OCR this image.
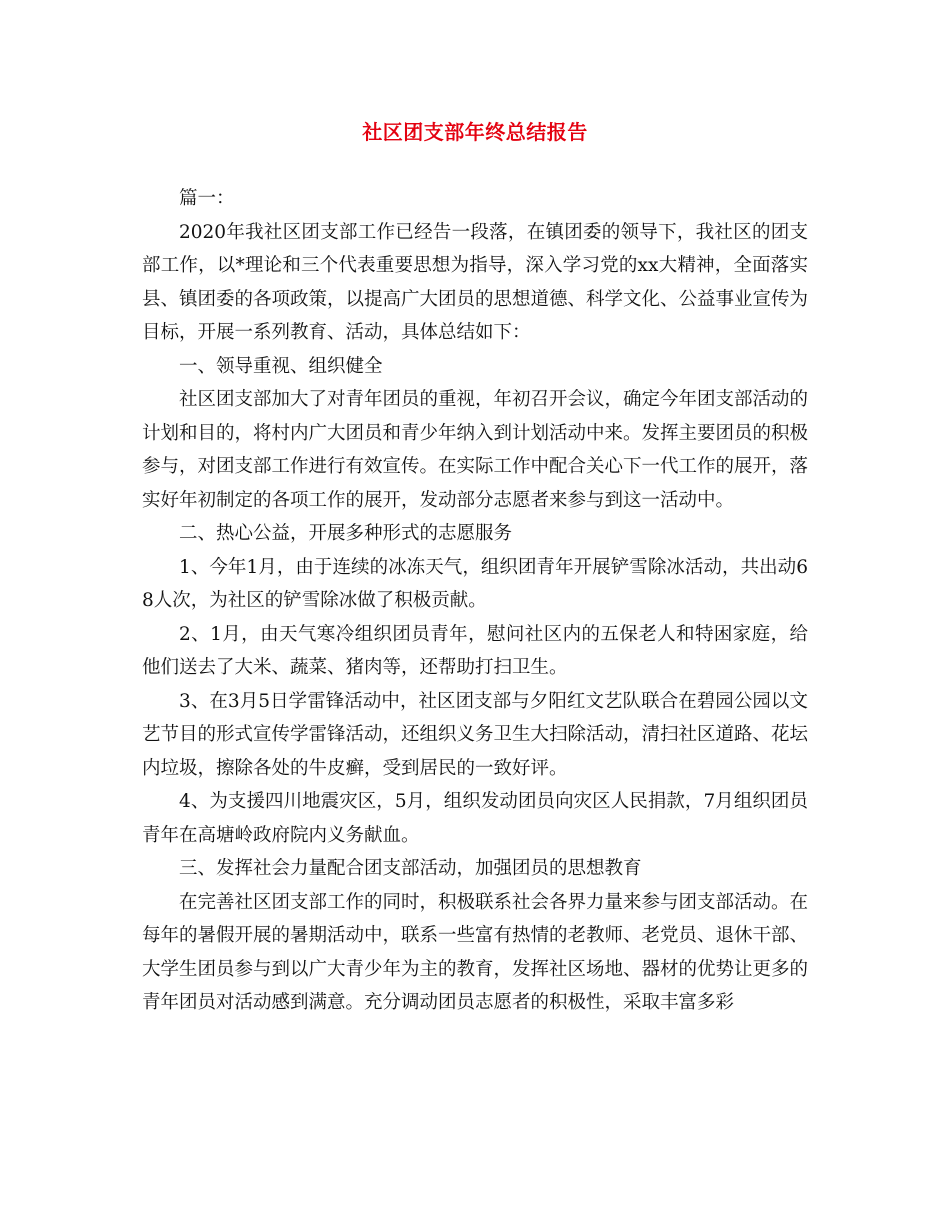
社区团支部年终总结报告

篇一：

2020年我社区团支部工作已经告一段落，在镇团委的领导下，我社区的团支部工作，以*理论和三个代表重要思想为指导，深入学习党的xx大精神，全面落实县、镇团委的各项政策，以提高广大团员的思想道德、科学文化、公益事业宣传为目标，开展一系列教育、活动，具体总结如下：

一、领导重视、组织健全

社区团支部加大了对青年团员的重视，年初召开会议，确定今年团支部活动的计划和目的，将村内广大团员和青少年纳入到计划活动中来。发挥主要团员的积极参与，对团支部工作进行有效宣传。在实际工作中配合关心下一代工作的展开，落实好年初制定的各项工作的展开，发动部分志愿者来参与到这一活动中。

二、热心公益，开展多种形式的志愿服务

1、今年1月，由于连续的冰冻天气，组织团青年开展铲雪除冰活动，共出动68人次，为社区的铲雪除冰做了积极贡献。

2、1月，由天气寒冷组织团员青年，慰问社区内的五保老人和特困家庭，给他们送去了大米、蔬菜、猪肉等，还帮助打扫卫生。

3、在3月5日学雷锋活动中，社区团支部与夕阳红文艺队联合在碧园公园以文艺节目的形式宣传学雷锋活动，还组织义务卫生大扫除活动，清扫社区道路、花坛内垃圾，擦除各处的牛皮癣，受到居民的一致好评。

4、为支援四川地震灾区，5月，组织发动团员向灾区人民捐款，7月组织团员青年在高塘岭政府院内义务献血。

三、发挥社会力量配合团支部活动，加强团员的思想教育

在完善社区团支部工作的同时，积极联系社会各界力量来参与团支部活动。在每年的暑假开展的暑期活动中，联系一些富有热情的老教师、老党员、退休干部、大学生团员参与到以广大青少年为主的教育，发挥社区场地、器材的优势让更多的青年团员对活动感到满意。充分调动团员志愿者的积极性，采取丰富多彩
